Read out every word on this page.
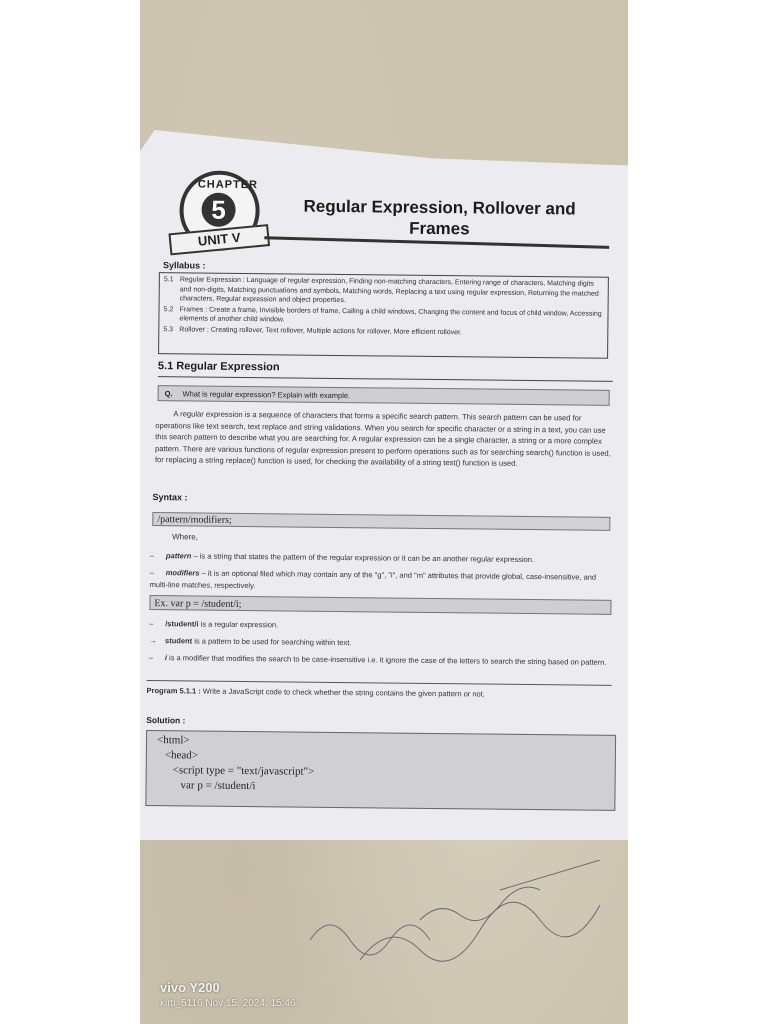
CHAPTER
5
UNIT V
Regular Expression, Rollover and
Frames
Syllabus :
5.1 Regular Expression : Language of regular expression, Finding non-matching characters, Entering range of characters, Matching digits and non-digits, Matching punctuations and symbols, Matching words, Replacing a text using regular expression, Returning the matched characters, Regular expression and object properties.
5.2 Frames : Create a frame, Invisible borders of frame, Calling a child windows, Changing the content and focus of child window, Accessing elements of another child window.
5.3 Rollover : Creating rollover, Text rollover, Multiple actions for rollover, More efficient rollover.
5.1 Regular Expression
Q. What is regular expression? Explain with example.
A regular expression is a sequence of characters that forms a specific search pattern. This search pattern can be used for operations like text search, text replace and string validations. When you search for specific character or a string in a text, you can use this search pattern to describe what you are searching for. A regular expression can be a single character, a string or a more complex pattern. There are various functions of regular expression present to perform operations such as for searching search() function is used, for replacing a string replace() function is used, for checking the availability of a string test() function is used.
Syntax :
/pattern/modifiers;
Where,
– pattern – is a string that states the pattern of the regular expression or it can be an another regular expression.
– modifiers – it is an optional filed which may contain any of the "g", "i", and "m" attributes that provide global, case-insensitive, and multi-line matches, respectively.
Ex. var p = /student/i;
– /student/i is a regular expression.
→ student is a pattern to be used for searching within text.
– i is a modifier that modifies the search to be case-insensitive i.e. it ignore the case of the letters to search the string based on pattern.
Program 5.1.1 : Write a JavaScript code to check whether the string contains the given pattern or not.
Solution :
<html>
<head>
<script type = "text/javascript">
var p = /student/i
vivo Y200
kirti_5116 Nov 15, 2024, 15:46
